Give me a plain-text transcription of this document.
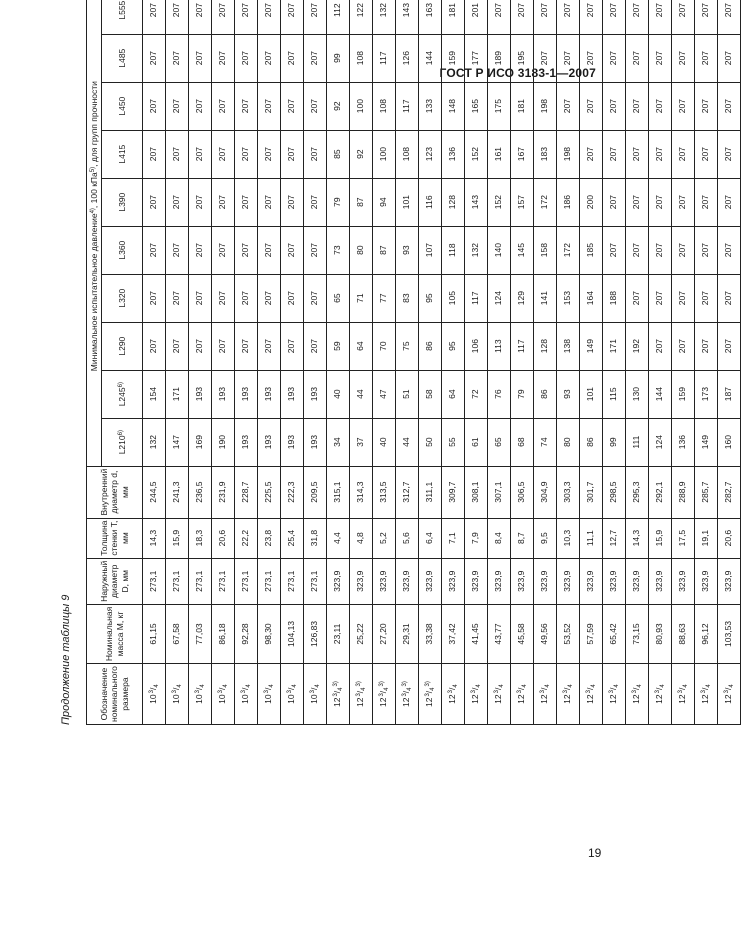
ГОСТ Р ИСО 3183-1—2007
Продолжение таблицы 9	Обозначение номинального размера	Номинальная масса M, кг	Наружный диаметр D, мм	Толщина стенки T, мм	Внутренний диаметр d, мм	Минимальное испытательное давление$^{4)}$, 100 кПа$^{5)}$, для групп прочности									
					L210$^{6)}$	L245$^{6)}$	L290	L320	L360	L390	L415	L450	L485	L555
$10^3/_4$	61,15	273,1	14,3	244,5	132	154	207	207	207	207	207	207	207	207
$10^3/_4$	67,58	273,1	15,9	241,3	147	171	207	207	207	207	207	207	207	207
$10^3/_4$	77,03	273,1	18,3	236,5	169	193	207	207	207	207	207	207	207	207
$10^3/_4$	86,18	273,1	20,6	231,9	190	193	207	207	207	207	207	207	207	207
$10^3/_4$	92,28	273,1	22,2	228,7	193	193	207	207	207	207	207	207	207	207
$10^3/_4$	98,30	273,1	23,8	225,5	193	193	207	207	207	207	207	207	207	207
$10^3/_4$	104,13	273,1	25,4	222,3	193	193	207	207	207	207	207	207	207	207
$10^3/_4$	126,83	273,1	31,8	209,5	193	193	207	207	207	207	207	207	207	207
$12^3/_4^{3)}$	23,11	323,9	4,4	315,1	34	40	59	65	73	79	85	92	99	112
$12^3/_4^{3)}$	25,22	323,9	4,8	314,3	37	44	64	71	80	87	92	100	108	122
$12^3/_4^{3)}$	27,20	323,9	5,2	313,5	40	47	70	77	87	94	100	108	117	132
$12^3/_4^{3)}$	29,31	323,9	5,6	312,7	44	51	75	83	93	101	108	117	126	143
$12^3/_4^{3)}$	33,38	323,9	6,4	311,1	50	58	86	95	107	116	123	133	144	163
$12^3/_4$	37,42	323,9	7,1	309,7	55	64	95	105	118	128	136	148	159	181
$12^3/_4$	41,45	323,9	7,9	308,1	61	72	106	117	132	143	152	165	177	201
$12^3/_4$	43,77	323,9	8,4	307,1	65	76	113	124	140	152	161	175	189	207
$12^3/_4$	45,58	323,9	8,7	306,5	68	79	117	129	145	157	167	181	195	207
$12^3/_4$	49,56	323,9	9,5	304,9	74	86	128	141	158	172	183	198	207	207
$12^3/_4$	53,52	323,9	10,3	303,3	80	93	138	153	172	186	198	207	207	207
$12^3/_4$	57,59	323,9	11,1	301,7	86	101	149	164	185	200	207	207	207	207
$12^3/_4$	65,42	323,9	12,7	298,5	99	115	171	188	207	207	207	207	207	207
$12^3/_4$	73,15	323,9	14,3	295,3	111	130	192	207	207	207	207	207	207	207
$12^3/_4$	80,93	323,9	15,9	292,1	124	144	207	207	207	207	207	207	207	207
$12^3/_4$	88,63	323,9	17,5	288,9	136	159	207	207	207	207	207	207	207	207
$12^3/_4$	96,12	323,9	19,1	285,7	149	173	207	207	207	207	207	207	207	207
$12^3/_4$	103,53	323,9	20,6	282,7	160	187	207	207	207	207	207	207	207	207
19
